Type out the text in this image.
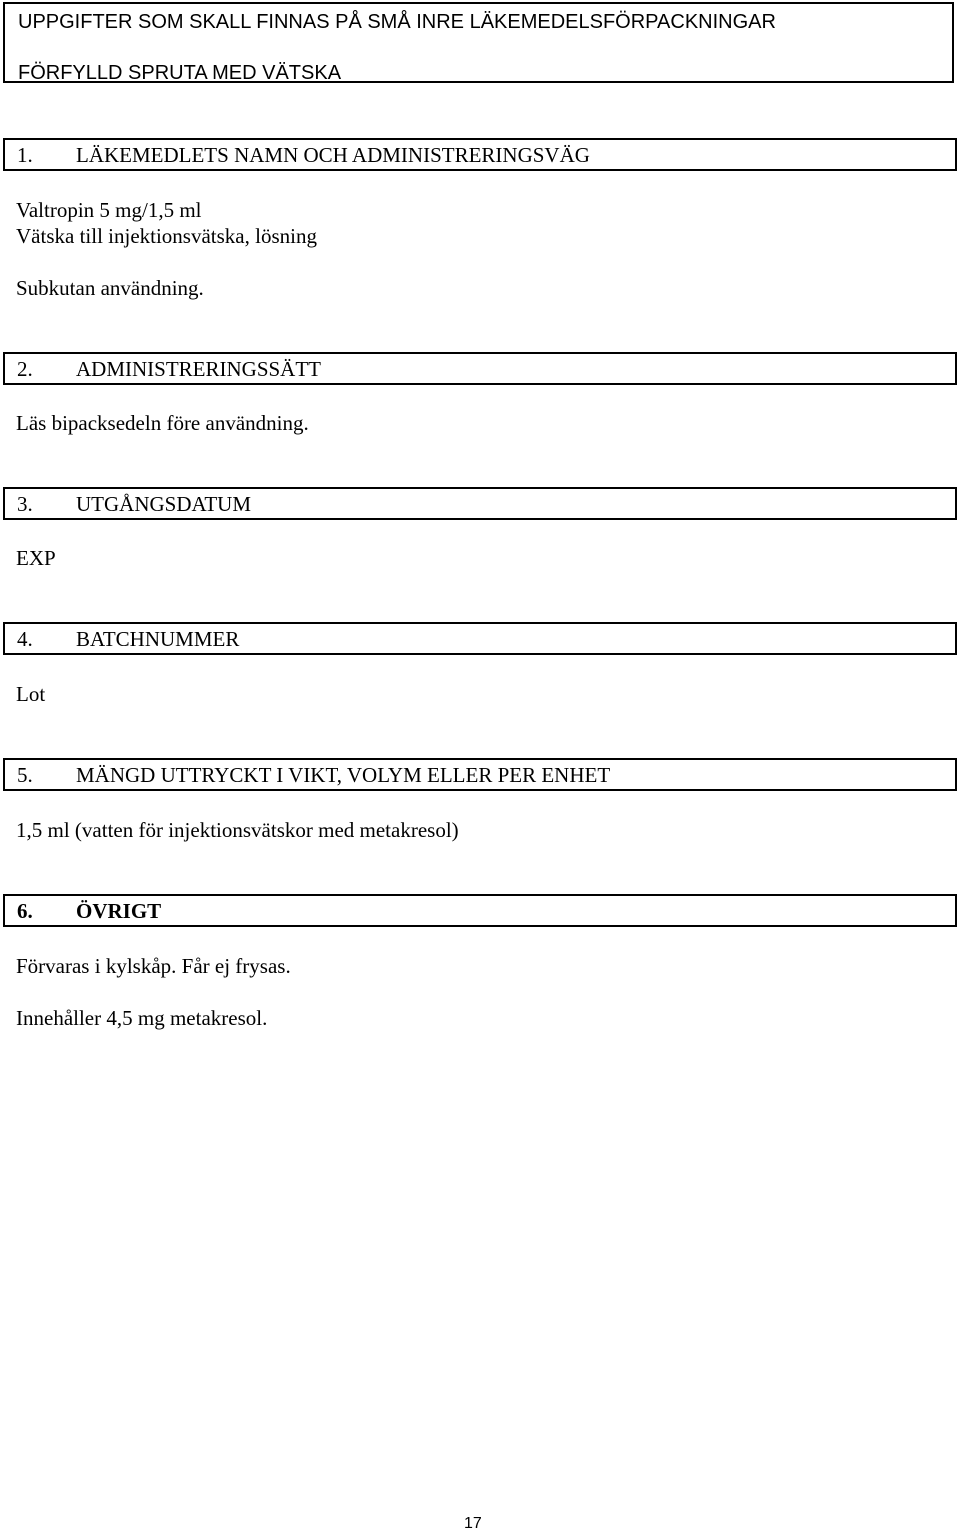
UPPGIFTER SOM SKALL FINNAS PÅ SMÅ INRE LÄKEMEDELSFÖRPACKNINGAR
FÖRFYLLD SPRUTA MED VÄTSKA
1. LÄKEMEDLETS NAMN OCH ADMINISTRERINGSVÄG
Valtropin 5 mg/1,5 ml
Vätska till injektionsvätska, lösning
Subkutan användning.
2. ADMINISTRERINGSSÄTT
Läs bipacksedeln före användning.
3. UTGÅNGSDATUM
EXP
4. BATCHNUMMER
Lot
5. MÄNGD UTTRYCKT I VIKT, VOLYM ELLER PER ENHET
1,5 ml (vatten för injektionsvätskor med metakresol)
6. ÖVRIGT
Förvaras i kylskåp. Får ej frysas.
Innehåller 4,5 mg metakresol.
17
